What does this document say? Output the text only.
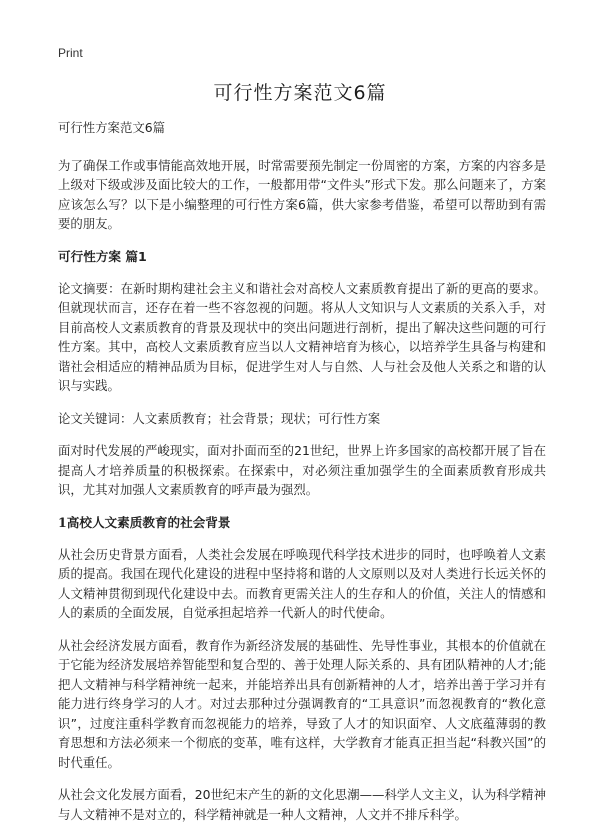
Print
可行性方案范文6篇

可行性方案范文6篇

为了确保工作或事情能高效地开展，时常需要预先制定一份周密的方案，方案的内容多是上级对下级或涉及面比较大的工作，一般都用带“文件头”形式下发。那么问题来了，方案应该怎么写？以下是小编整理的可行性方案6篇，供大家参考借鉴，希望可以帮助到有需要的朋友。

可行性方案 篇1

论文摘要：在新时期构建社会主义和谐社会对高校人文素质教育提出了新的更高的要求。但就现状而言，还存在着一些不容忽视的问题。将从人文知识与人文素质的关系入手，对目前高校人文素质教育的背景及现状中的突出问题进行剖析，提出了解决这些问题的可行性方案。其中，高校人文素质教育应当以人文精神培育为核心，以培养学生具备与构建和谐社会相适应的精神品质为目标，促进学生对人与自然、人与社会及他人关系之和谐的认识与实践。

论文关键词：人文素质教育；社会背景；现状；可行性方案

面对时代发展的严峻现实，面对扑面而至的21世纪，世界上许多国家的高校都开展了旨在提高人才培养质量的积极探索。在探索中，对必须注重加强学生的全面素质教育形成共识，尤其对加强人文素质教育的呼声最为强烈。

1高校人文素质教育的社会背景

从社会历史背景方面看，人类社会发展在呼唤现代科学技术进步的同时，也呼唤着人文素质的提高。我国在现代化建设的进程中坚持将和谐的人文原则以及对人类进行长远关怀的人文精神贯彻到现代化建设中去。而教育更需关注人的生存和人的价值，关注人的情感和人的素质的全面发展，自觉承担起培养一代新人的时代使命。

从社会经济发展方面看，教育作为新经济发展的基础性、先导性事业，其根本的价值就在于它能为经济发展培养智能型和复合型的、善于处理人际关系的、具有团队精神的人才;能把人文精神与科学精神统一起来，并能培养出具有创新精神的人才，培养出善于学习并有能力进行终身学习的人才。对过去那种过分强调教育的“工具意识”而忽视教育的“教化意识”，过度注重科学教育而忽视能力的培养，导致了人才的知识面窄、人文底蕴薄弱的教育思想和方法必须来一个彻底的变革，唯有这样，大学教育才能真正担当起“科教兴国”的时代重任。

从社会文化发展方面看，20世纪末产生的新的文化思潮——科学人文主义，认为科学精神与人文精神不是对立的，科学精神就是一种人文精神，人文并不排斥科学。
